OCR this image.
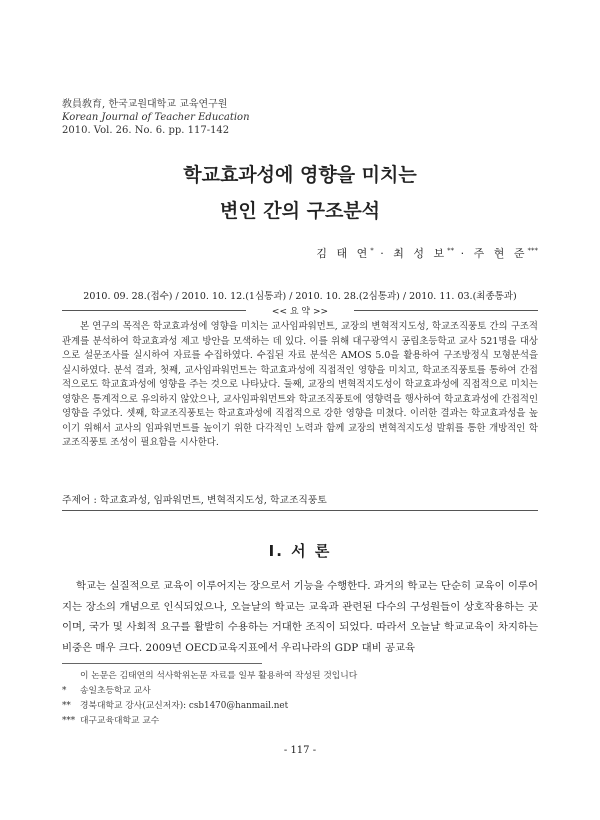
敎員敎育, 한국교원대학교 교육연구원
Korean Journal of Teacher Education
2010. Vol. 26. No. 6. pp. 117-142
학교효과성에 영향을 미치는
변인 간의 구조분석
김 태 연* · 최 성 보** · 주 현 준***
2010. 09. 28.(접수) / 2010. 10. 12.(1심통과) / 2010. 10. 28.(2심통과) / 2010. 11. 03.(최종통과)
<< 요 약 >>
본 연구의 목적은 학교효과성에 영향을 미치는 교사임파워먼트, 교장의 변혁적지도성, 학교조직풍토 간의 구조적 관계를 분석하여 학교효과성 제고 방안을 모색하는 데 있다. 이를 위해 대구광역시 공립초등학교 교사 521명을 대상으로 설문조사를 실시하여 자료를 수집하였다. 수집된 자료 분석은 AMOS 5.0을 활용하여 구조방정식 모형분석을 실시하였다. 분석 결과, 첫째, 교사임파워먼트는 학교효과성에 직접적인 영향을 미치고, 학교조직풍토를 통하여 간접적으로도 학교효과성에 영향을 주는 것으로 나타났다. 둘째, 교장의 변혁적지도성이 학교효과성에 직접적으로 미치는 영향은 통계적으로 유의하지 않았으나, 교사임파워먼트와 학교조직풍토에 영향력을 행사하여 학교효과성에 간접적인 영향을 주었다. 셋째, 학교조직풍토는 학교효과성에 직접적으로 강한 영향을 미쳤다. 이러한 결과는 학교효과성을 높이기 위해서 교사의 임파워먼트를 높이기 위한 다각적인 노력과 함께 교장의 변혁적지도성 발휘를 통한 개방적인 학교조직풍토 조성이 필요함을 시사한다.
주제어 : 학교효과성, 임파워먼트, 변혁적지도성, 학교조직풍토
Ⅰ. 서 론
학교는 실질적으로 교육이 이루어지는 장으로서 기능을 수행한다. 과거의 학교는 단순히 교육이 이루어지는 장소의 개념으로 인식되었으나, 오늘날의 학교는 교육과 관련된 다수의 구성원들이 상호작용하는 곳이며, 국가 및 사회적 요구를 활발히 수용하는 거대한 조직이 되었다. 따라서 오늘날 학교교육이 차지하는 비중은 매우 크다. 2009년 OECD교육지표에서 우리나라의 GDP 대비 공교육
이 논문은 김태연의 석사학위논문 자료를 일부 활용하여 작성된 것입니다
* 송일초등학교 교사
** 경북대학교 강사(교신저자): csb1470@hanmail.net
*** 대구교육대학교 교수
- 117 -
